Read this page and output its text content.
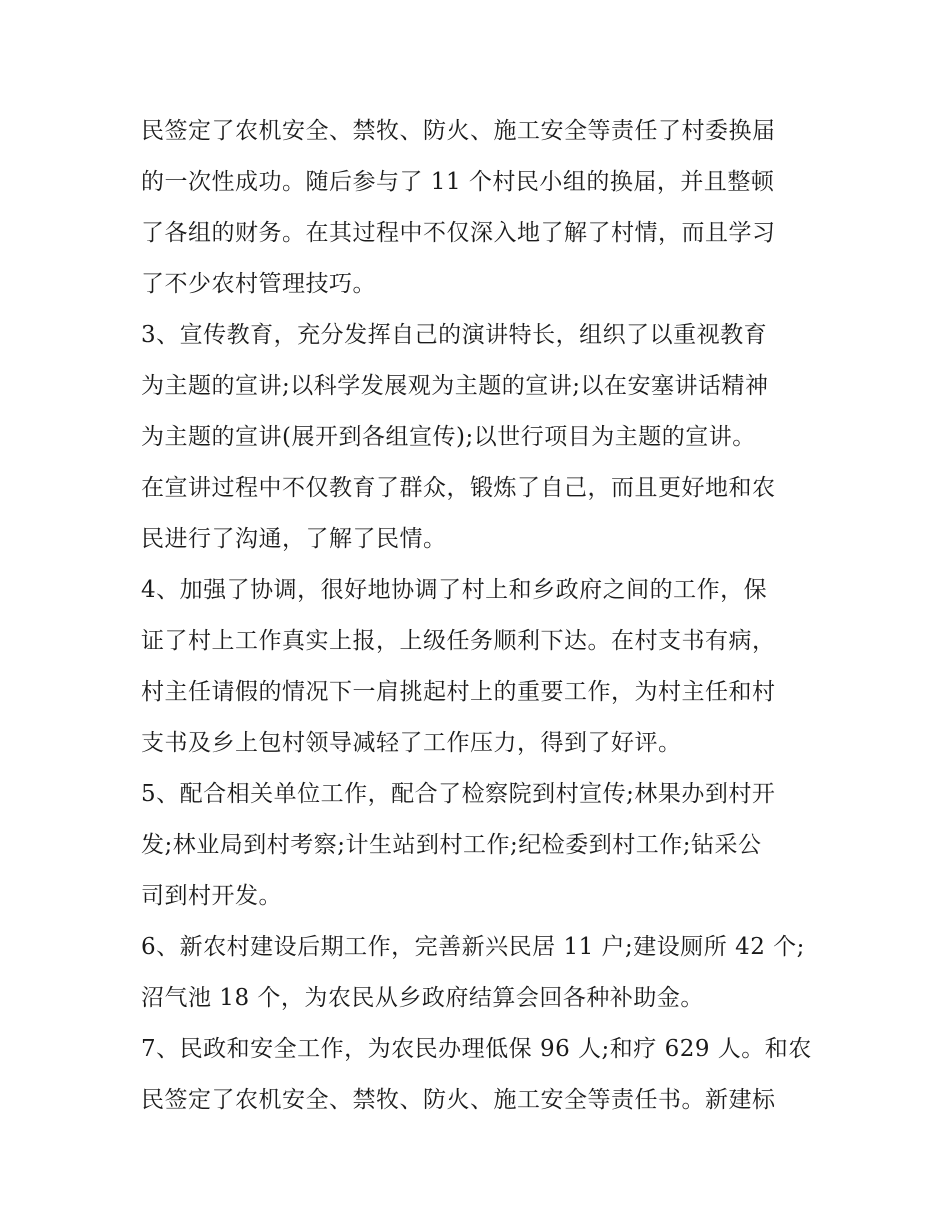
民签定了农机安全、禁牧、防火、施工安全等责任了村委换届
的一次性成功。随后参与了 11 个村民小组的换届，并且整顿
了各组的财务。在其过程中不仅深入地了解了村情，而且学习
了不少农村管理技巧。
3、宣传教育，充分发挥自己的演讲特长，组织了以重视教育
为主题的宣讲;以科学发展观为主题的宣讲;以在安塞讲话精神
为主题的宣讲(展开到各组宣传);以世行项目为主题的宣讲。
在宣讲过程中不仅教育了群众，锻炼了自己，而且更好地和农
民进行了沟通，了解了民情。
4、加强了协调，很好地协调了村上和乡政府之间的工作，保
证了村上工作真实上报，上级任务顺利下达。在村支书有病，
村主任请假的情况下一肩挑起村上的重要工作，为村主任和村
支书及乡上包村领导减轻了工作压力，得到了好评。
5、配合相关单位工作，配合了检察院到村宣传;林果办到村开
发;林业局到村考察;计生站到村工作;纪检委到村工作;钻采公
司到村开发。
6、新农村建设后期工作，完善新兴民居 11 户;建设厕所 42 个;
沼气池 18 个，为农民从乡政府结算会回各种补助金。
7、民政和安全工作，为农民办理低保 96 人;和疗 629 人。和农
民签定了农机安全、禁牧、防火、施工安全等责任书。新建标
